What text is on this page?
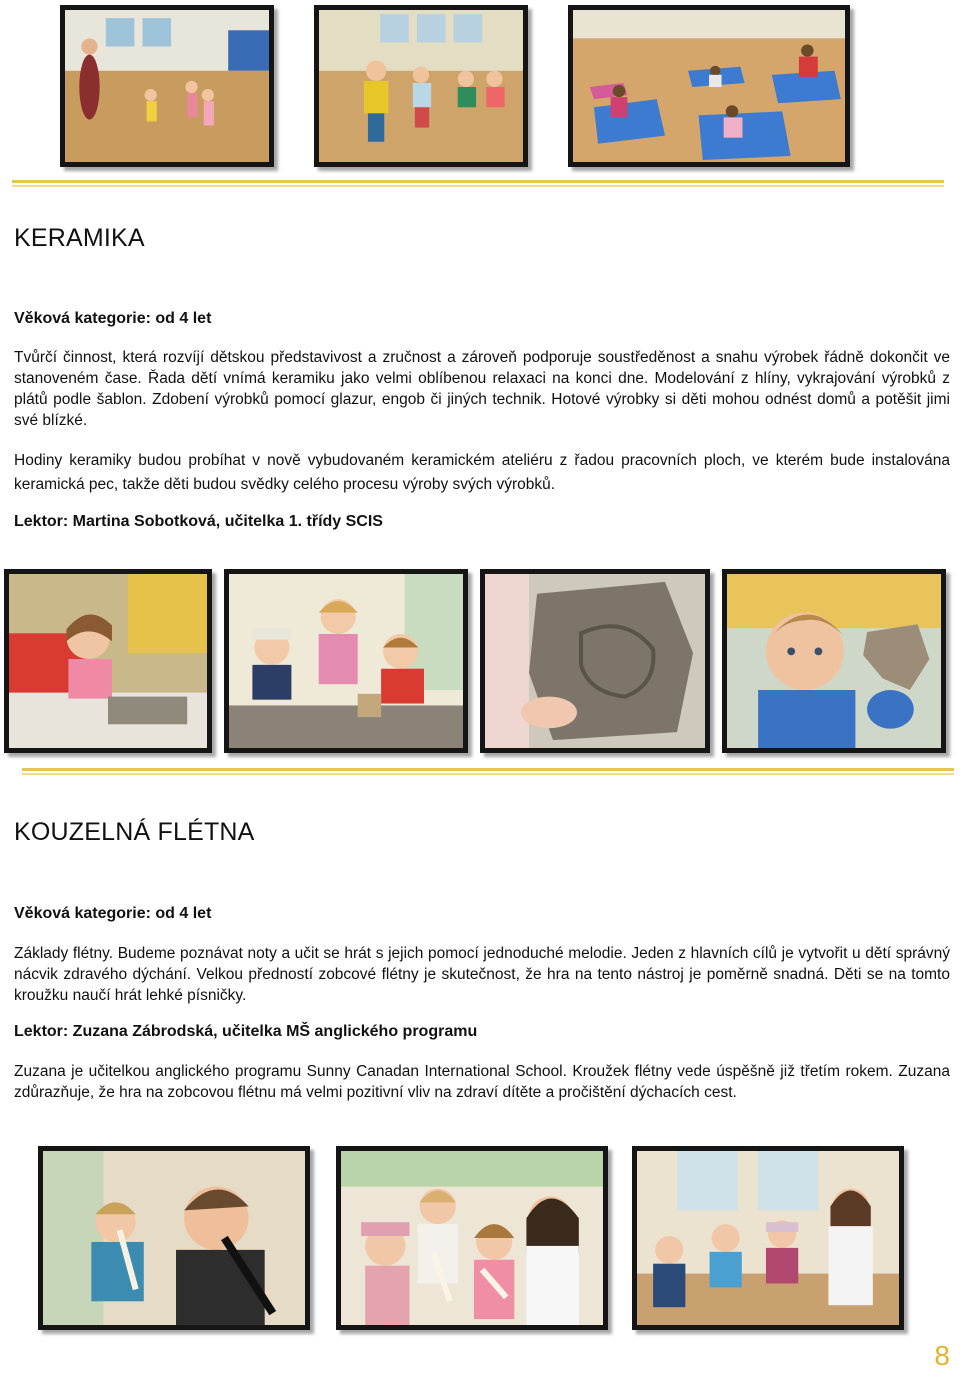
KERAMIKA

Věková kategorie: od 4 let

Tvůrčí činnost, která rozvíjí dětskou představivost a zručnost a zároveň podporuje soustředěnost a snahu výrobek řádně dokončit ve stanoveném čase. Řada dětí vnímá keramiku jako velmi oblíbenou relaxaci na konci dne. Modelování z hlíny, vykrajování výrobků z plátů podle šablon. Zdobení výrobků pomocí glazur, engob či jiných technik. Hotové výrobky si děti mohou odnést domů a potěšit jimi své blízké.

Hodiny keramiky budou probíhat v nově vybudovaném keramickém ateliéru z řadou pracovních ploch, ve kterém bude instalována keramická pec, takže děti budou svědky celého procesu výroby svých výrobků.

Lektor: Martina Sobotková, učitelka 1. třídy SCIS

KOUZELNÁ FLÉTNA

Věková kategorie: od 4 let

Základy flétny. Budeme poznávat noty a učit se hrát s jejich pomocí jednoduché melodie. Jeden z hlavních cílů je vytvořit u dětí správný nácvik zdravého dýchání. Velkou předností zobcové flétny je skutečnost, že hra na tento nástroj je poměrně snadná. Děti se na tomto kroužku naučí hrát lehké písničky.

Lektor: Zuzana Zábrodská, učitelka MŠ anglického programu

Zuzana je učitelkou anglického programu Sunny Canadan International School. Kroužek flétny vede úspěšně již třetím rokem. Zuzana zdůrazňuje, že hra na zobcovou flétnu má velmi pozitivní vliv na zdraví dítěte a pročištění dýchacích cest.

8
